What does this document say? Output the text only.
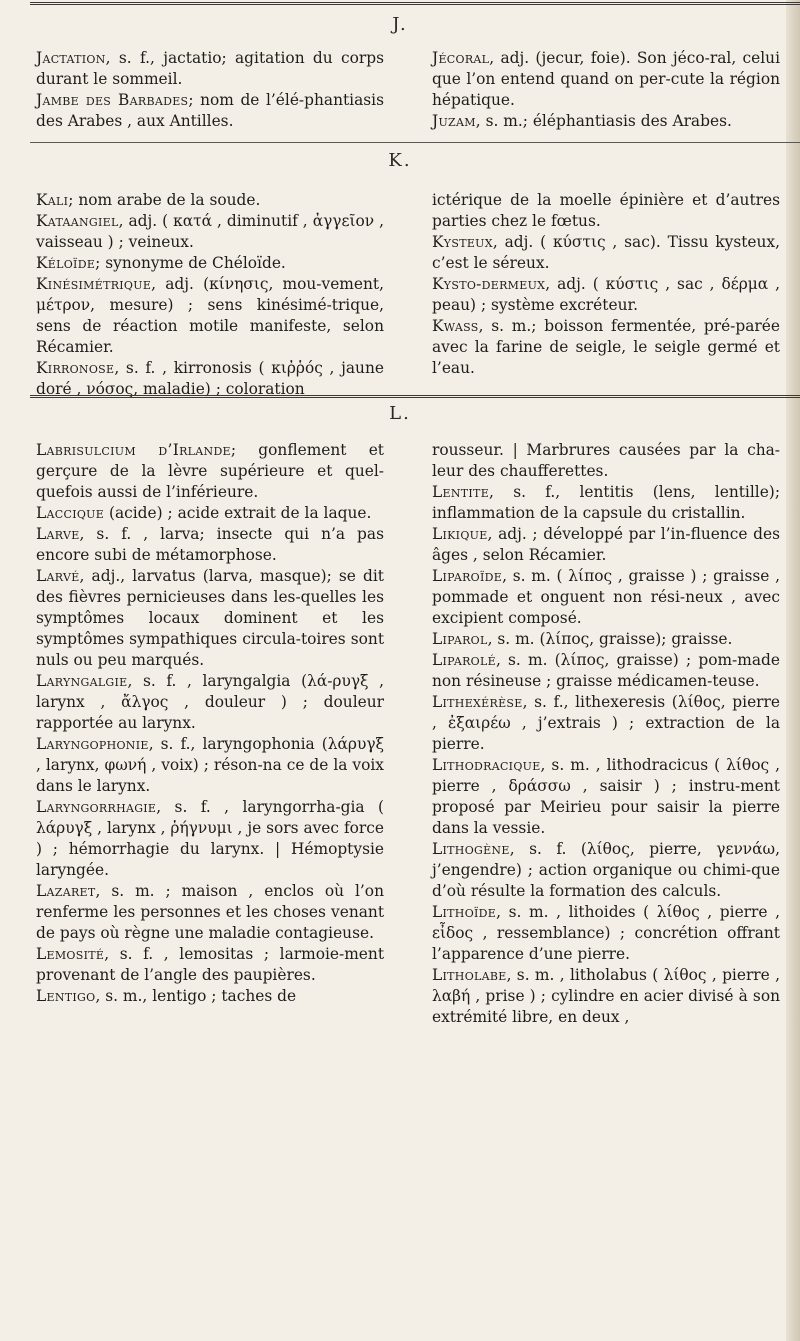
J.

Jactation, s. f., jactatio; agitation du corps durant le sommeil.

Jambe des Barbades; nom de l’élé-phantiasis des Arabes , aux Antilles.

Jécoral, adj. (jecur, foie). Son jéco-ral, celui que l’on entend quand on per-cute la région hépatique.

Juzam, s. m.; éléphantiasis des Arabes.

K.

Kali; nom arabe de la soude.

Kataangiel, adj. ( κατά , diminutif , ἀγγεῖον , vaisseau ) ; veineux.

Kéloïde; synonyme de Chéloïde.

Kinésimétrique, adj. (κίνησις, mou-vement, μέτρον, mesure) ; sens kinésimé-trique, sens de réaction motile manifeste, selon Récamier.

Kirronose, s. f. , kirronosis ( κιῤῥός , jaune doré , νόσος, maladie) ; coloration

ictérique de la moelle épinière et d’autres parties chez le fœtus.

Kysteux, adj. ( κύστις , sac). Tissu kysteux, c’est le séreux.

Kysto-dermeux, adj. ( κύστις , sac , δέρμα , peau) ; système excréteur.

Kwass, s. m.; boisson fermentée, pré-parée avec la farine de seigle, le seigle germé et l’eau.

L.

Labrisulcium d’Irlande; gonflement et gerçure de la lèvre supérieure et quel-quefois aussi de l’inférieure.

Laccique (acide) ; acide extrait de la laque.

Larve, s. f. , larva; insecte qui n’a pas encore subi de métamorphose.

Larvé, adj., larvatus (larva, masque); se dit des fièvres pernicieuses dans les-quelles les symptômes locaux dominent et les symptômes sympathiques circula-toires sont nuls ou peu marqués.

Laryngalgie, s. f. , laryngalgia (λά-ρυγξ , larynx , ἄλγος , douleur ) ; douleur rapportée au larynx.

Laryngophonie, s. f., laryngophonia (λάρυγξ , larynx, φωνή , voix) ; réson-na ce de la voix dans le larynx.

Laryngorrhagie, s. f. , laryngorrha-gia ( λάρυγξ , larynx , ῥήγνυμι , je sors avec force ) ; hémorrhagie du larynx. | Hémoptysie laryngée.

Lazaret, s. m. ; maison , enclos où l’on renferme les personnes et les choses venant de pays où règne une maladie contagieuse.

Lemosité, s. f. , lemositas ; larmoie-ment provenant de l’angle des paupières.

Lentigo, s. m., lentigo ; taches de

rousseur. | Marbrures causées par la cha-leur des chaufferettes.

Lentite, s. f., lentitis (lens, lentille); inflammation de la capsule du cristallin.

Likique, adj. ; développé par l’in-fluence des âges , selon Récamier.

Liparoïde, s. m. ( λίπος , graisse ) ; graisse , pommade et onguent non rési-neux , avec excipient composé.

Liparol, s. m. (λίπος, graisse); graisse.

Liparolé, s. m. (λίπος, graisse) ; pom-made non résineuse ; graisse médicamen-teuse.

Lithexérèse, s. f., lithexeresis (λίθος, pierre , ἐξαιρέω , j’extrais ) ; extraction de la pierre.

Lithodracique, s. m. , lithodracicus ( λίθος , pierre , δράσσω , saisir ) ; instru-ment proposé par Meirieu pour saisir la pierre dans la vessie.

Lithogène, s. f. (λίθος, pierre, γεννάω, j’engendre) ; action organique ou chimi-que d’où résulte la formation des calculs.

Lithoïde, s. m. , lithoides ( λίθος , pierre , εἶδος , ressemblance) ; concrétion offrant l’apparence d’une pierre.

Litholabe, s. m. , litholabus ( λίθος , pierre , λαβή , prise ) ; cylindre en acier divisé à son extrémité libre, en deux ,
